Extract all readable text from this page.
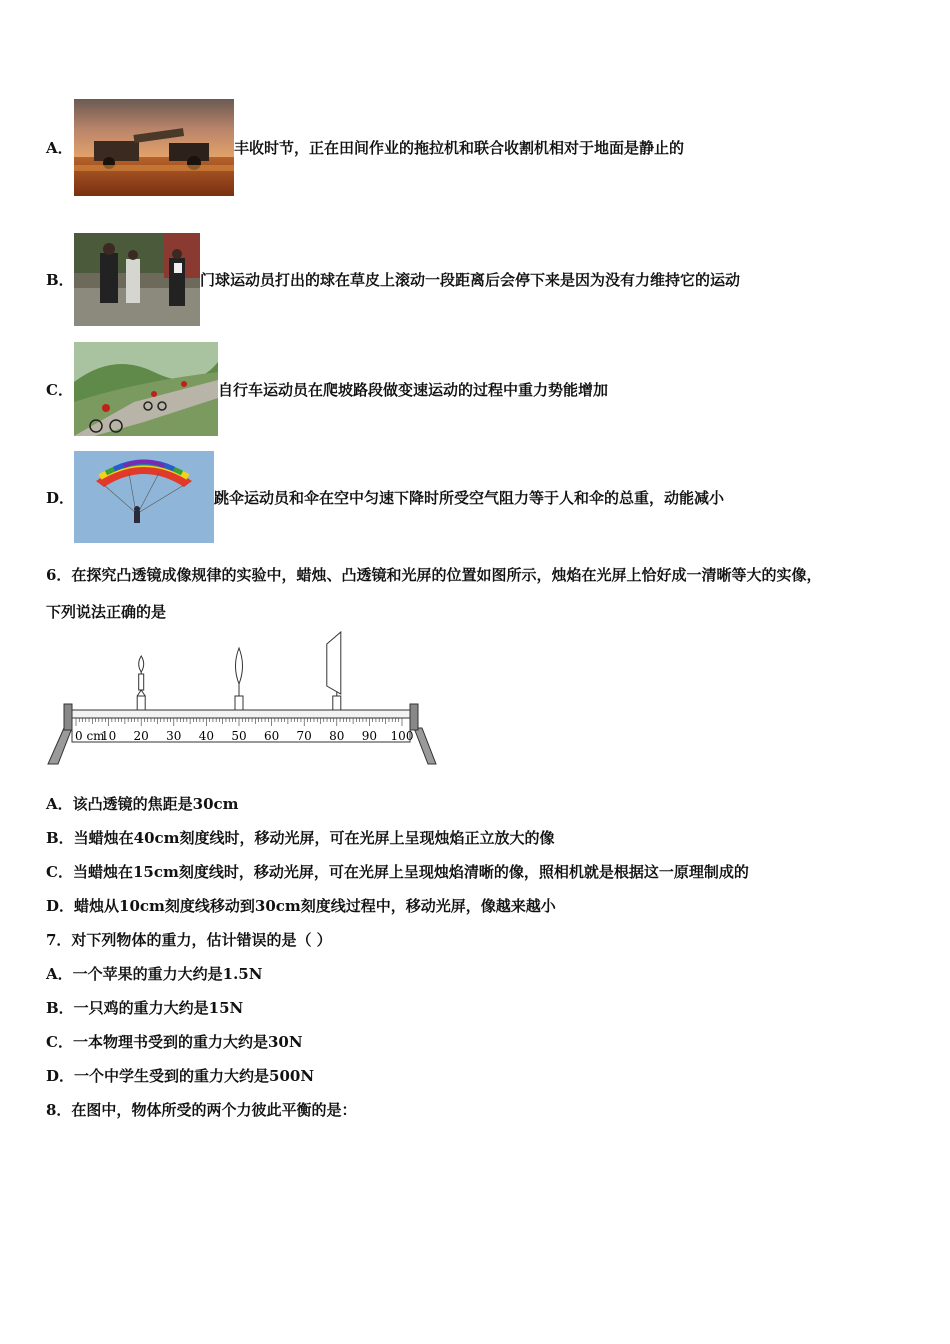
A．	丰收时节，正在田间作业的拖拉机和联合收割机相对于地面是静止的
B．	门球运动员打出的球在草皮上滚动一段距离后会停下来是因为没有力维持它的运动
C．	自行车运动员在爬坡路段做变速运动的过程中重力势能增加
D．	跳伞运动员和伞在空中匀速下降时所受空气阻力等于人和伞的总重，动能减小
6．在探究凸透镜成像规律的实验中，蜡烛、凸透镜和光屏的位置如图所示，烛焰在光屏上恰好成一清晰等大的实像，
下列说法正确的是
0 cm
10 20 30 40 50 60 70 80 90 100
A．该凸透镜的焦距是30cm
B．当蜡烛在40cm刻度线时，移动光屏，可在光屏上呈现烛焰正立放大的像
C．当蜡烛在15cm刻度线时，移动光屏，可在光屏上呈现烛焰清晰的像，照相机就是根据这一原理制成的
D．蜡烛从10cm刻度线移动到30cm刻度线过程中，移动光屏，像越来越小
7．对下列物体的重力，估计错误的是（ ）
A．一个苹果的重力大约是1.5N
B．一只鸡的重力大约是15N
C．一本物理书受到的重力大约是30N
D．一个中学生受到的重力大约是500N
8．在图中，物体所受的两个力彼此平衡的是：
